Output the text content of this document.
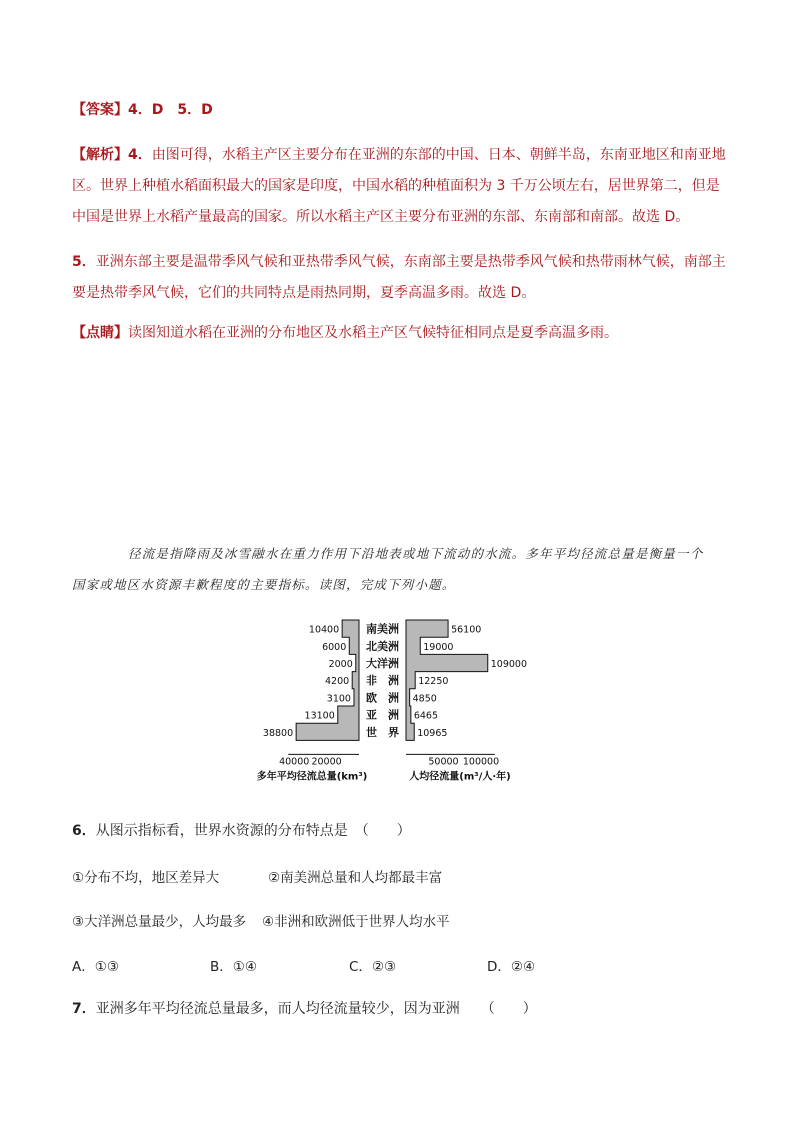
【答案】4．D　5．D
【解析】4．由图可得，水稻主产区主要分布在亚洲的东部的中国、日本、朝鲜半岛，东南亚地区和南亚地
区。世界上种植水稻面积最大的国家是印度，中国水稻的种植面积为 3 千万公顷左右，居世界第二，但是
中国是世界上水稻产量最高的国家。所以水稻主产区主要分布亚洲的东部、东南部和南部。故选 D。
5．亚洲东部主要是温带季风气候和亚热带季风气候，东南部主要是热带季风气候和热带雨林气候，南部主
要是热带季风气候，它们的共同特点是雨热同期，夏季高温多雨。故选 D。
【点睛】读图知道水稻在亚洲的分布地区及水稻主产区气候特征相同点是夏季高温多雨。
径流是指降雨及冰雪融水在重力作用下沿地表或地下流动的水流。多年平均径流总量是衡量一个
国家或地区水资源丰歉程度的主要指标。读图，完成下列小题。
10400 南美洲	56100
6000 北美洲	19000
2000 大洋洲	109000
4200 非　洲 12250
3100 欧　洲 4850
13100	亚　洲 6465
38800	世　界 10965
40000 20000	50000 100000
多年平均径流总量(km³)	人均径流量(m³/人·年)
6．从图示指标看，世界水资源的分布特点是　（　　）
①分布不均，地区差异大	②南美洲总量和人均都最丰富
③大洋洲总量最少，人均最多 ④非洲和欧洲低于世界人均水平
A．①③	B．①④	C．②③	D．②④
7．亚洲多年平均径流总量最多，而人均径流量较少，因为亚洲　　（　　）
